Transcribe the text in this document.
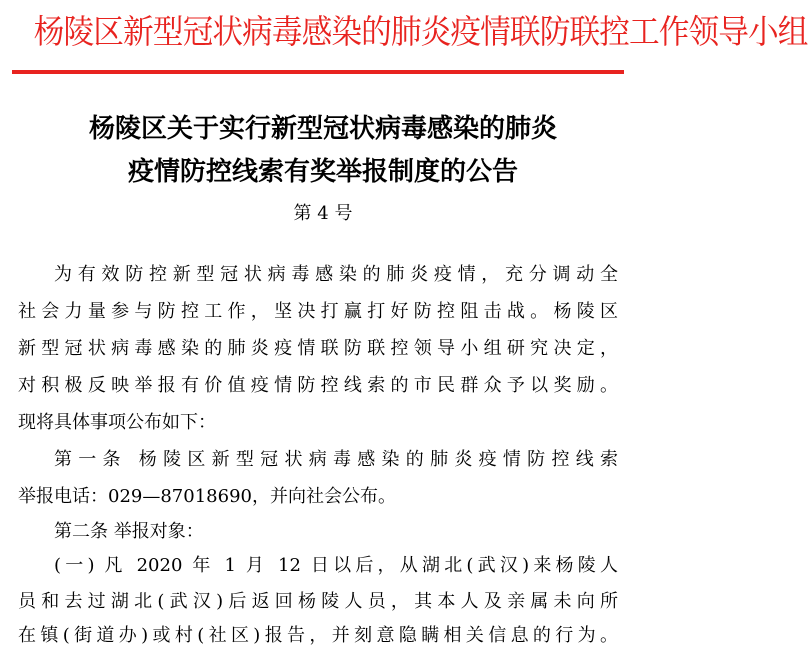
杨陵区新型冠状病毒感染的肺炎疫情联防联控工作领导小组
杨陵区关于实行新型冠状病毒感染的肺炎
疫情防控线索有奖举报制度的公告
第 4 号
为有效防控新型冠状病毒感染的肺炎疫情，充分调动全
社会力量参与防控工作，坚决打赢打好防控阻击战。杨陵区
新型冠状病毒感染的肺炎疫情联防联控领导小组研究决定，
对积极反映举报有价值疫情防控线索的市民群众予以奖励。
现将具体事项公布如下：
第一条 杨陵区新型冠状病毒感染的肺炎疫情防控线索
举报电话：029—87018690，并向社会公布。
第二条 举报对象：
(一) 凡 2020 年 1 月 12 日以后，从湖北(武汉)来杨陵人
员和去过湖北(武汉)后返回杨陵人员，其本人及亲属未向所
在镇(街道办)或村(社区)报告，并刻意隐瞒相关信息的行为。
